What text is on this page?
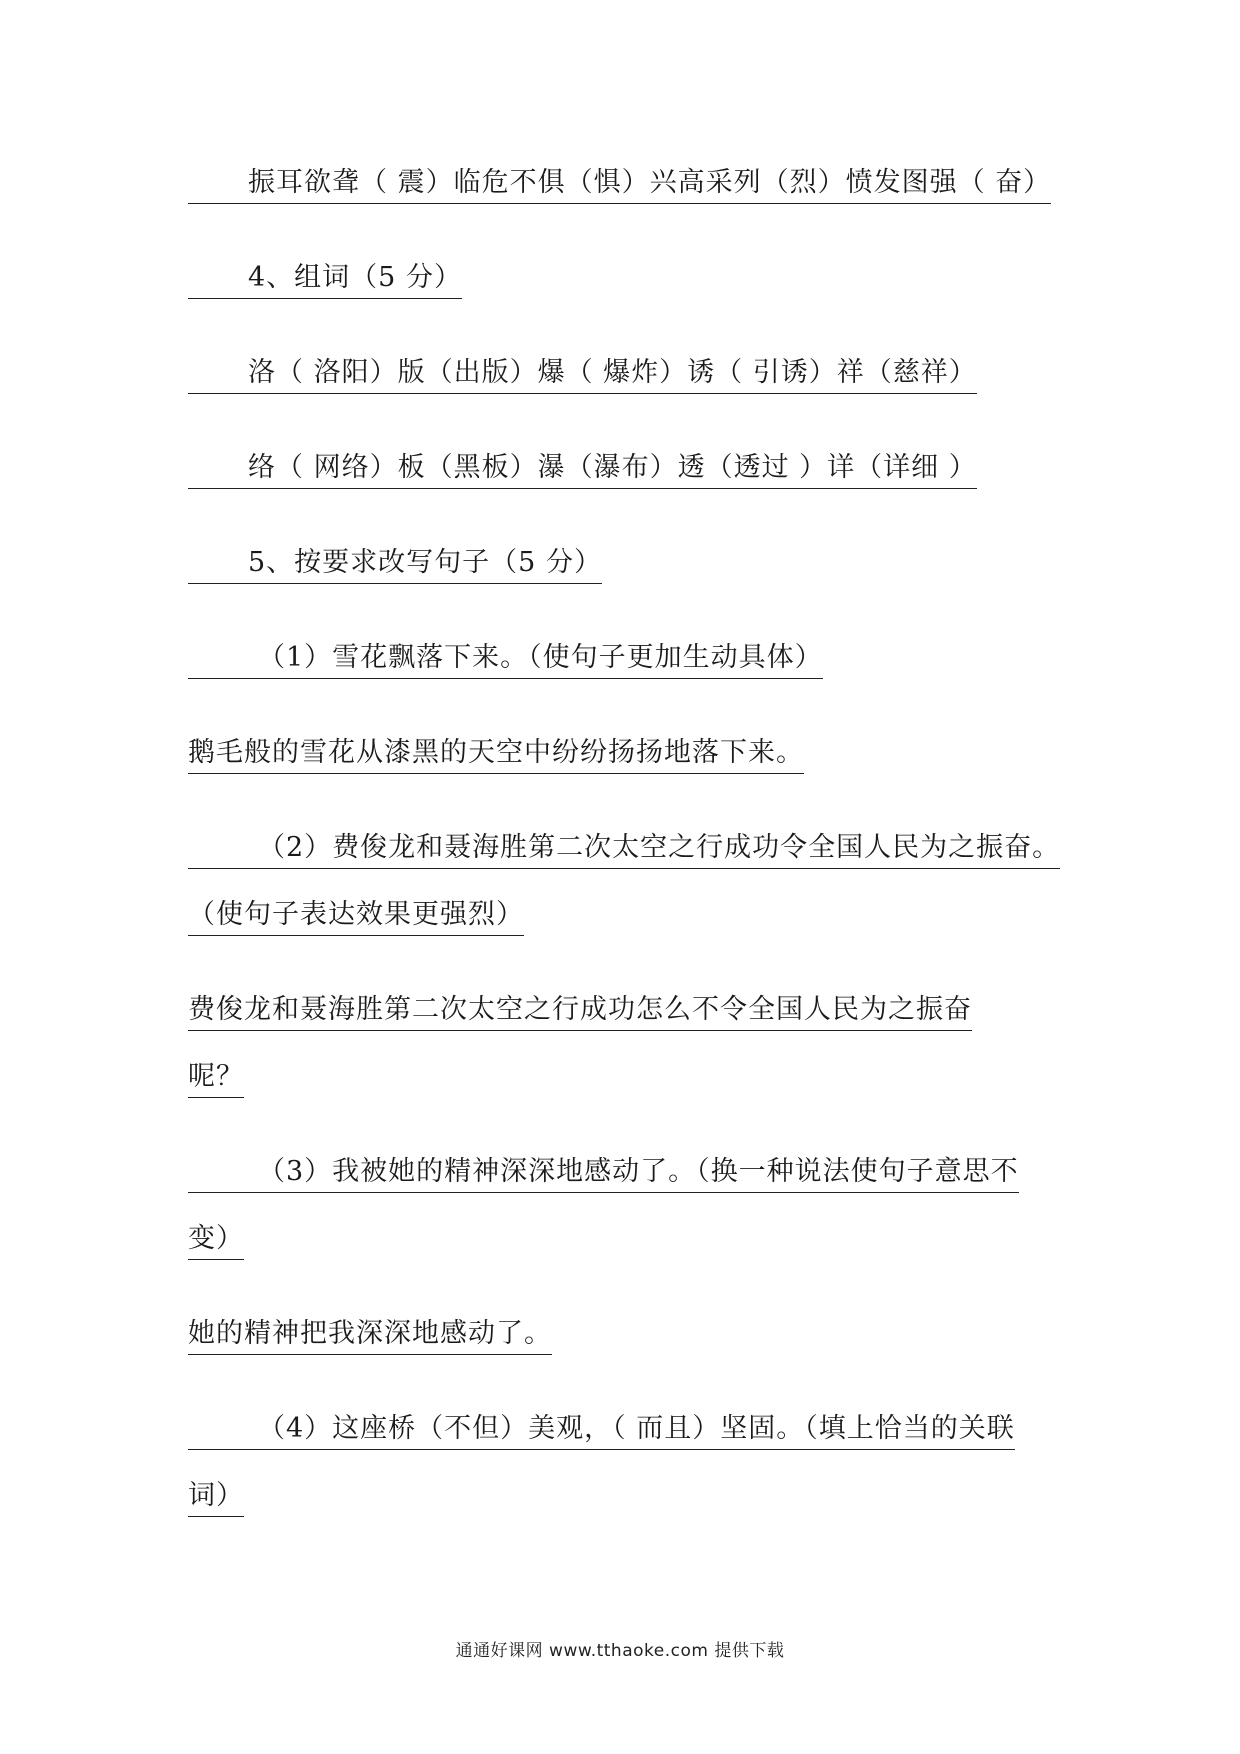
振耳欲聋（ 震）临危不俱（惧）兴高采列（烈）愤发图强（ 奋）
4、组词（5 分）
洛（ 洛阳）版（出版）爆（ 爆炸）诱（ 引诱）祥（慈祥）
络（ 网络）板（黑板）瀑（瀑布）透（透过 ）详（详细 ）
5、按要求改写句子（5 分）
（1）雪花飘落下来。（使句子更加生动具体）
鹅毛般的雪花从漆黑的天空中纷纷扬扬地落下来。
（2）费俊龙和聂海胜第二次太空之行成功令全国人民为之振奋。
（使句子表达效果更强烈）
费俊龙和聂海胜第二次太空之行成功怎么不令全国人民为之振奋
呢？
（3）我被她的精神深深地感动了。（换一种说法使句子意思不
变）
她的精神把我深深地感动了。
（4）这座桥（不但）美观，（ 而且）坚固。（填上恰当的关联
词）
通通好课网 www.tthaoke.com 提供下载
